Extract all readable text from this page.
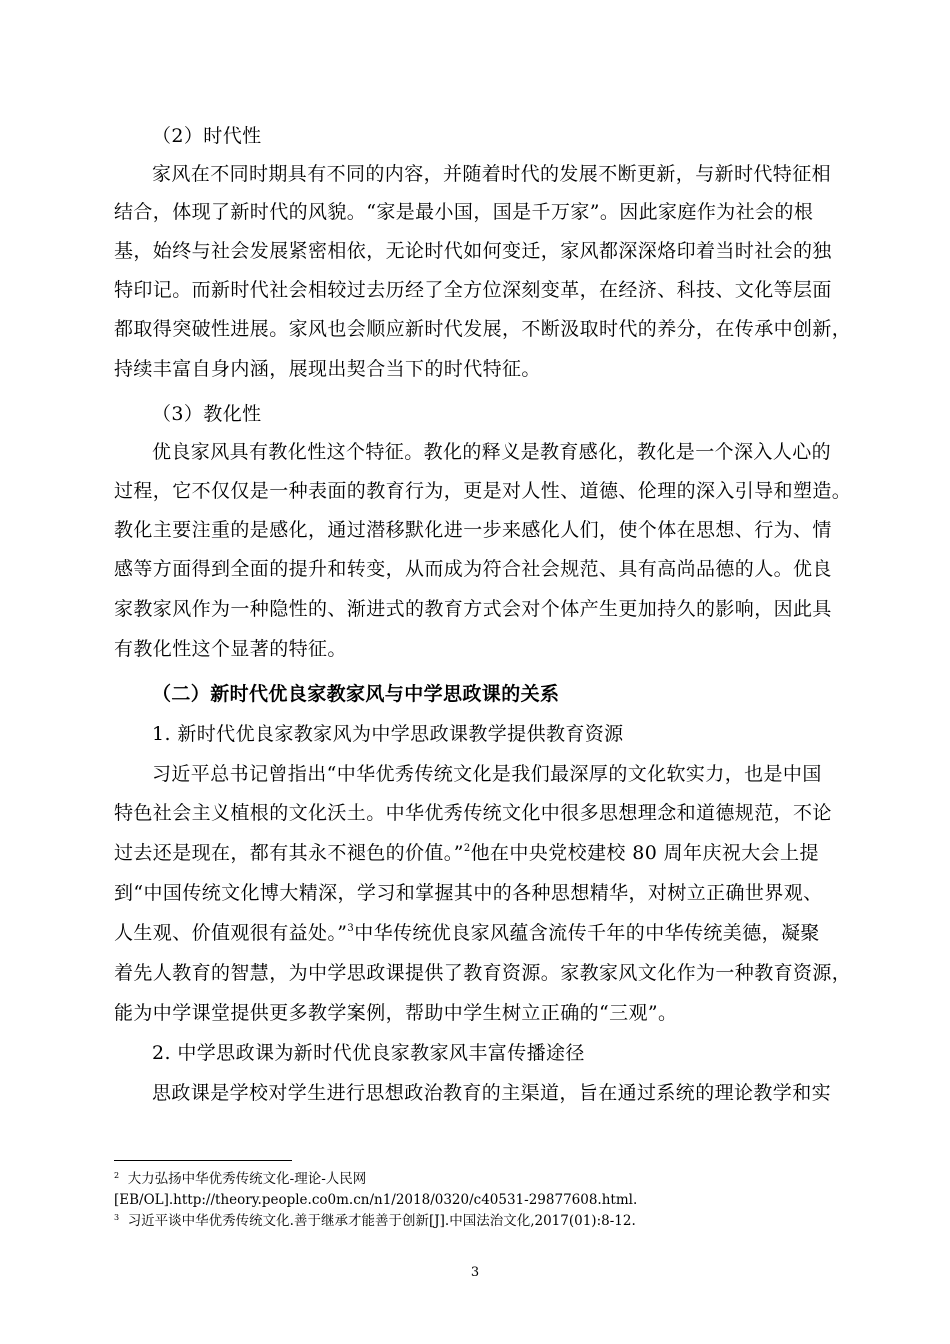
（2）时代性
家风在不同时期具有不同的内容，并随着时代的发展不断更新，与新时代特征相
结合，体现了新时代的风貌。“家是最小国，国是千万家”。因此家庭作为社会的根
基，始终与社会发展紧密相依，无论时代如何变迁，家风都深深烙印着当时社会的独
特印记。而新时代社会相较过去历经了全方位深刻变革，在经济、科技、文化等层面
都取得突破性进展。家风也会顺应新时代发展，不断汲取时代的养分，在传承中创新，
持续丰富自身内涵，展现出契合当下的时代特征。
（3）教化性
优良家风具有教化性这个特征。教化的释义是教育感化，教化是一个深入人心的
过程，它不仅仅是一种表面的教育行为，更是对人性、道德、伦理的深入引导和塑造。
教化主要注重的是感化，通过潜移默化进一步来感化人们，使个体在思想、行为、情
感等方面得到全面的提升和转变，从而成为符合社会规范、具有高尚品德的人。优良
家教家风作为一种隐性的、渐进式的教育方式会对个体产生更加持久的影响，因此具
有教化性这个显著的特征。
（二）新时代优良家教家风与中学思政课的关系
1. 新时代优良家教家风为中学思政课教学提供教育资源
习近平总书记曾指出“中华优秀传统文化是我们最深厚的文化软实力，也是中国
特色社会主义植根的文化沃土。中华优秀传统文化中很多思想理念和道德规范，不论
过去还是现在，都有其永不褪色的价值。”$^2$他在中央党校建校 80 周年庆祝大会上提
到“中国传统文化博大精深，学习和掌握其中的各种思想精华，对树立正确世界观、
人生观、价值观很有益处。”$^3$中华传统优良家风蕴含流传千年的中华传统美德，凝聚
着先人教育的智慧，为中学思政课提供了教育资源。家教家风文化作为一种教育资源，
能为中学课堂提供更多教学案例，帮助中学生树立正确的“三观”。
2. 中学思政课为新时代优良家教家风丰富传播途径
思政课是学校对学生进行思想政治教育的主渠道，旨在通过系统的理论教学和实
$^2$ 大力弘扬中华优秀传统文化-理论-人民网
[EB/OL].http://theory.people.co0m.cn/n1/2018/0320/c40531-29877608.html.
$^3$ 习近平谈中华优秀传统文化.善于继承才能善于创新[J].中国法治文化,2017(01):8-12.
3
